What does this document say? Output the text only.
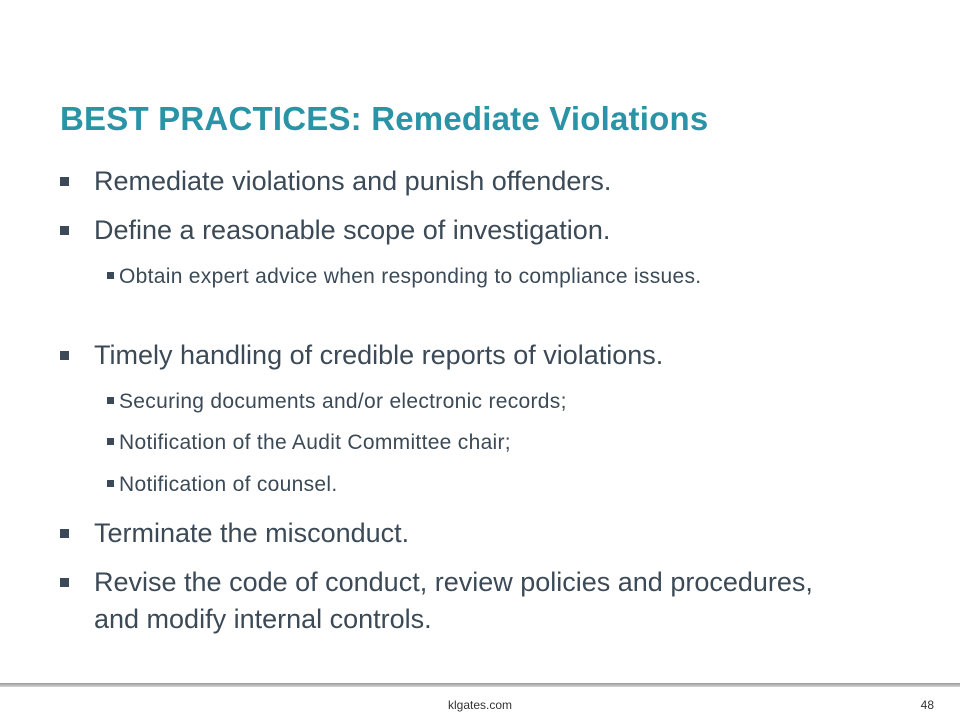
BEST PRACTICES: Remediate Violations
Remediate violations and punish offenders.
Define a reasonable scope of investigation.
Obtain expert advice when responding to compliance issues.
Timely handling of credible reports of violations.
Securing documents and/or electronic records;
Notification of the Audit Committee chair;
Notification of counsel.
Terminate the misconduct.
Revise the code of conduct, review policies and procedures, and modify internal controls.
klgates.com	48
